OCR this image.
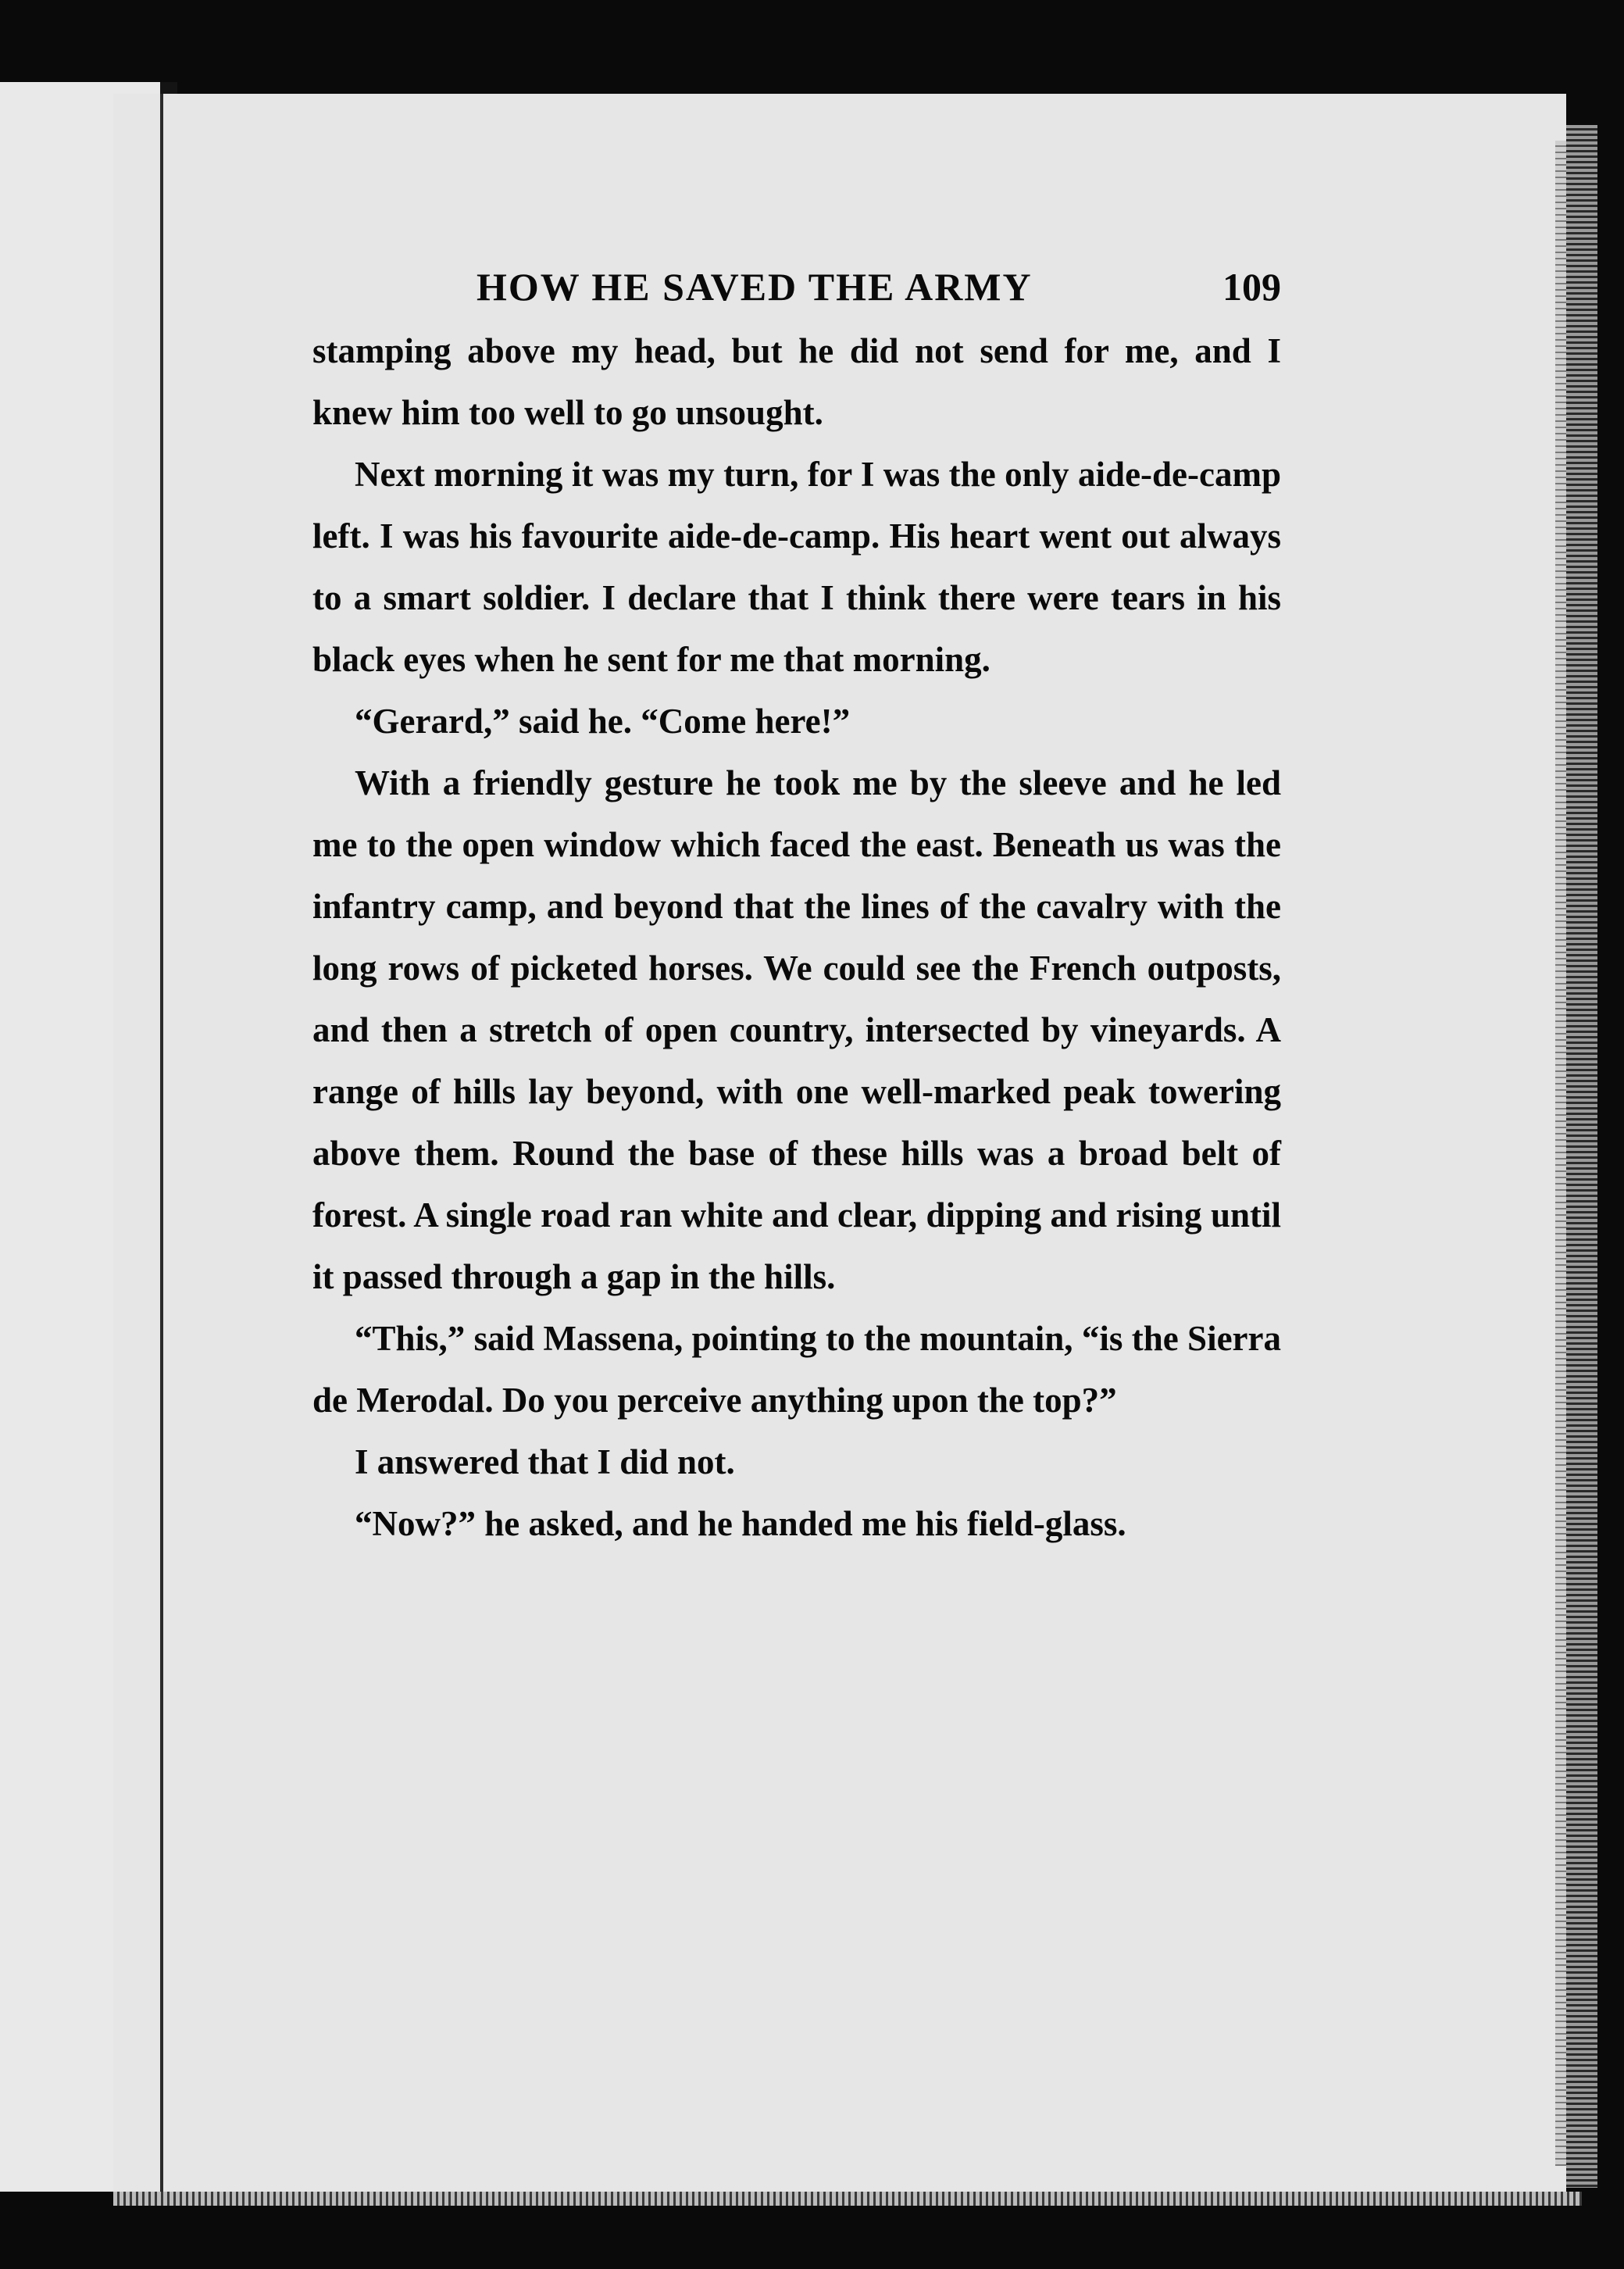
HOW HE SAVED THE ARMY	109

stamping above my head, but he did not send for me, and I knew him too well to go unsought.

Next morning it was my turn, for I was the only aide-de-camp left. I was his favourite aide-de-camp. His heart went out always to a smart soldier. I declare that I think there were tears in his black eyes when he sent for me that morning.

“Gerard,” said he. “Come here!”

With a friendly gesture he took me by the sleeve and he led me to the open window which faced the east. Beneath us was the infantry camp, and beyond that the lines of the cavalry with the long rows of picketed horses. We could see the French outposts, and then a stretch of open country, intersected by vineyards. A range of hills lay beyond, with one well-marked peak towering above them. Round the base of these hills was a broad belt of forest. A single road ran white and clear, dipping and rising until it passed through a gap in the hills.

“This,” said Massena, pointing to the mountain, “is the Sierra de Merodal. Do you perceive anything upon the top?”

I answered that I did not.

“Now?” he asked, and he handed me his field-glass.
